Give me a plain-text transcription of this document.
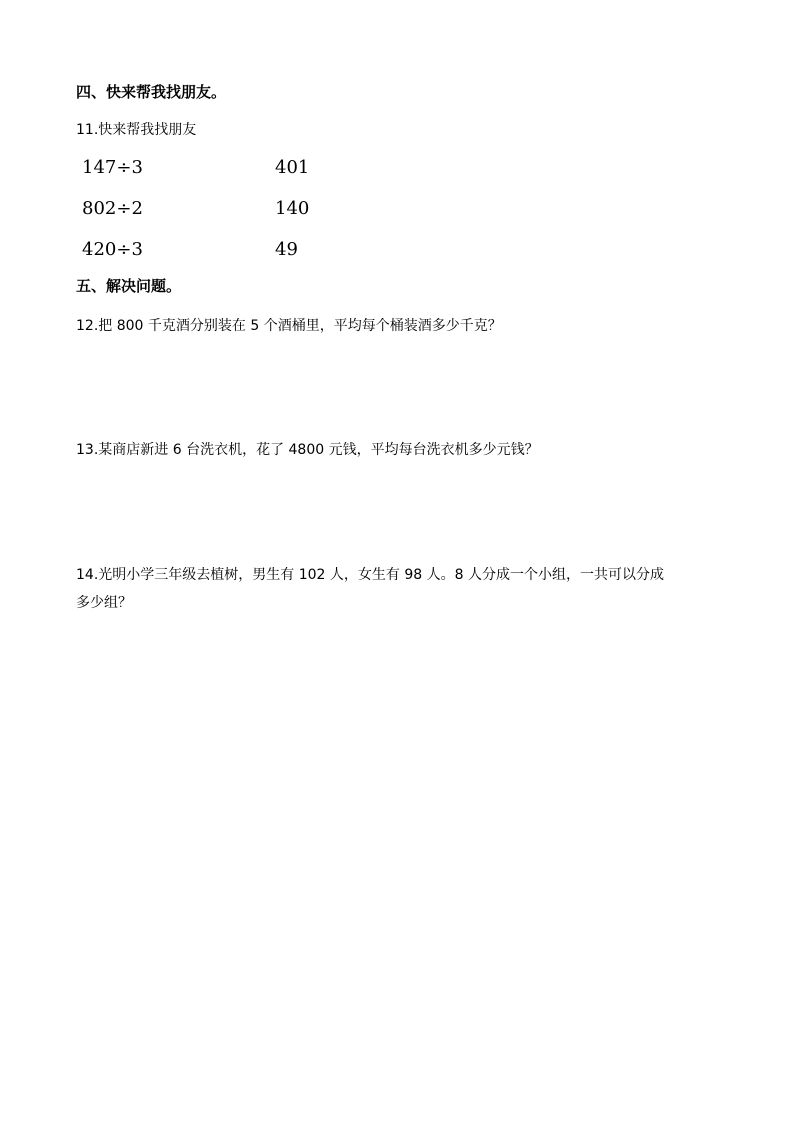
四、快来帮我找朋友。
11.快来帮我找朋友
147÷3	401
802÷2	140
420÷3	49
五、解决问题。
12.把 800 千克酒分别装在 5 个酒桶里，平均每个桶装酒多少千克？
13.某商店新进 6 台洗衣机，花了 4800 元钱，平均每台洗衣机多少元钱？
14.光明小学三年级去植树，男生有 102 人，女生有 98 人。8 人分成一个小组，一共可以分成
多少组？
